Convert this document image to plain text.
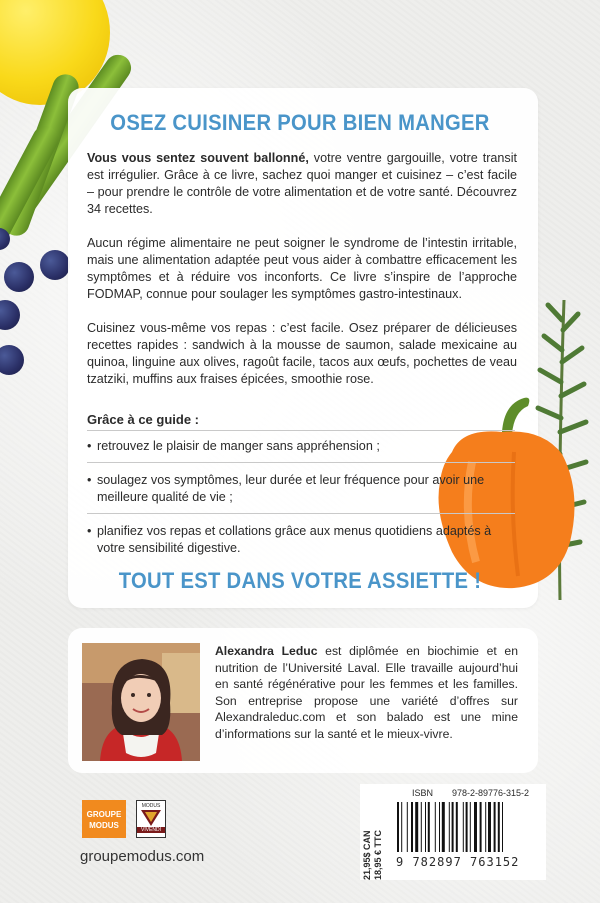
OSEZ CUISINER POUR BIEN MANGER
Vous vous sentez souvent ballonné, votre ventre gargouille, votre transit est irrégulier. Grâce à ce livre, sachez quoi manger et cuisinez – c’est facile – pour prendre le contrôle de votre alimentation et de votre santé. Découvrez 34 recettes.
Aucun régime alimentaire ne peut soigner le syndrome de l’intestin irritable, mais une alimentation adaptée peut vous aider à combattre efficacement les symptômes et à réduire vos inconforts. Ce livre s’inspire de l’approche FODMAP, connue pour soulager les symptômes gastro-intestinaux.
Cuisinez vous-même vos repas : c’est facile. Osez préparer de délicieuses recettes rapides : sandwich à la mousse de saumon, salade mexicaine au quinoa, linguine aux olives, ragoût facile, tacos aux œufs, pochettes de veau tzatziki, muffins aux fraises épicées, smoothie rose.
Grâce à ce guide :
• retrouvez le plaisir de manger sans appréhension ;
• soulagez vos symptômes, leur durée et leur fréquence pour avoir une meilleure qualité de vie ;
• planifiez vos repas et collations grâce aux menus quotidiens adaptés à votre sensibilité digestive.
TOUT EST DANS VOTRE ASSIETTE !
Alexandra Leduc est diplômée en biochimie et en nutrition de l’Université Laval. Elle travaille aujourd’hui en santé régénérative pour les femmes et les familles. Son entreprise propose une variété d’offres sur Alexandraleduc.com et son balado est une mine d’informations sur la santé et le mieux-vivre.
GROUPE
MODUS
MODUS
VIVENDI
groupemodus.com
ISBN 978-2-89776-315-2
9 782897 763152
21,95$ CAN 18,95 € TTC
